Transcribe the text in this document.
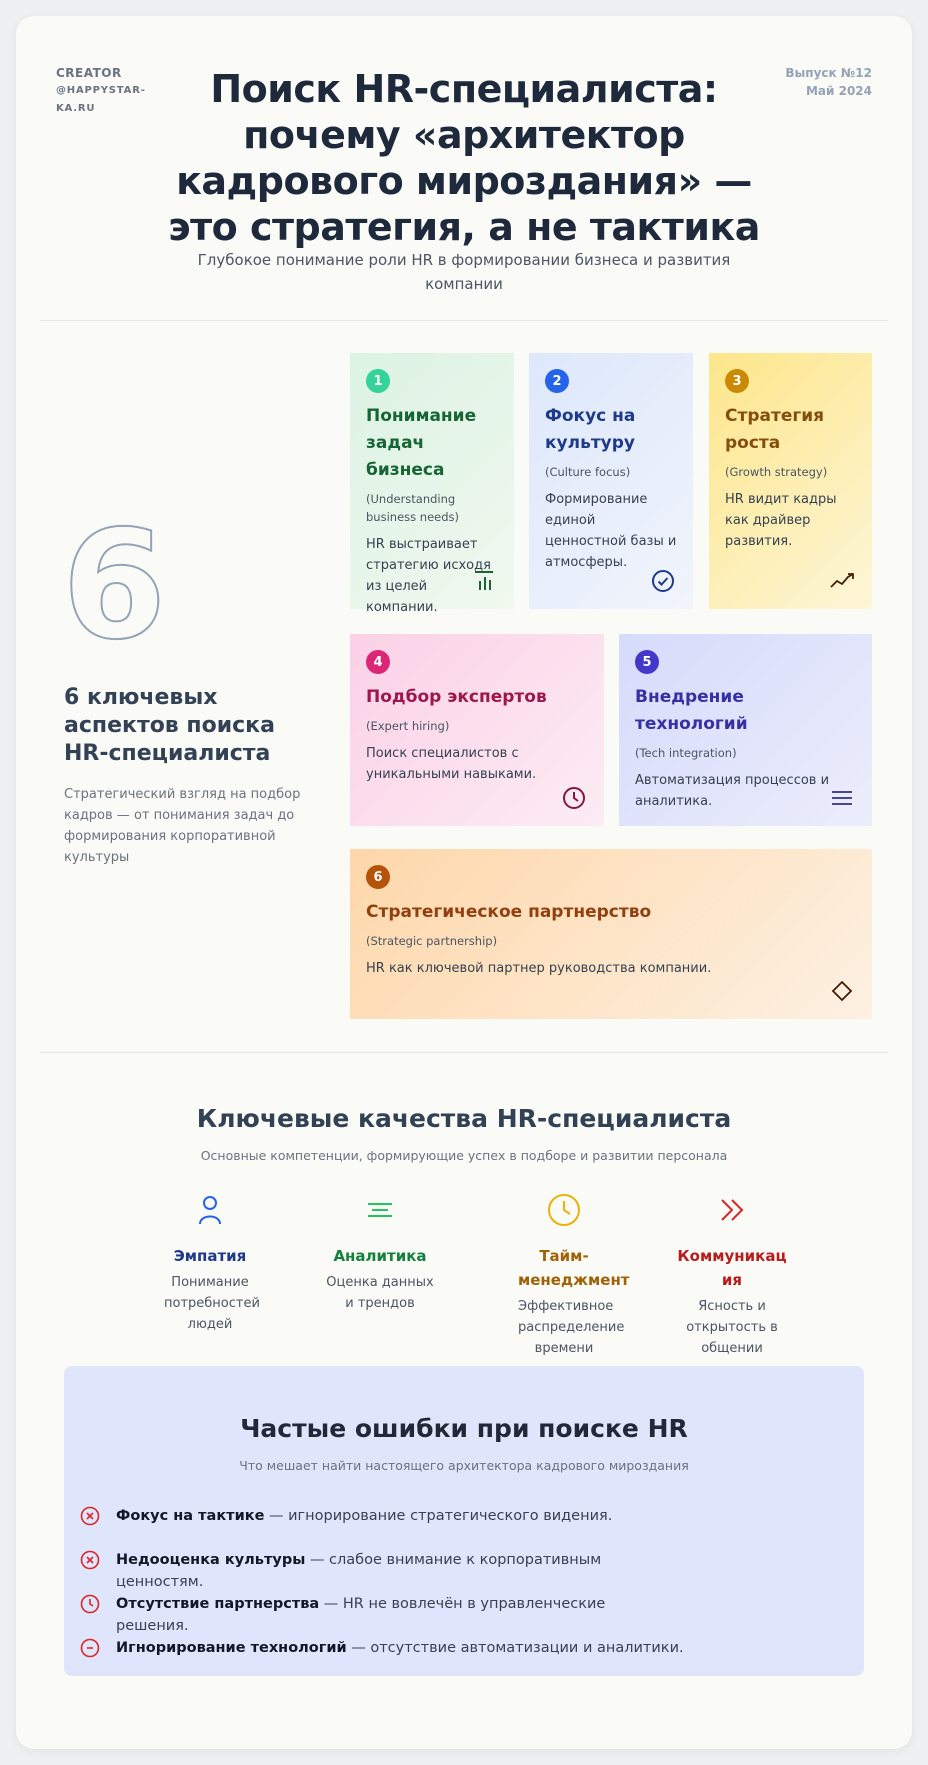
CREATOR
@HAPPYSTAR-KA.RU
Выпуск №12
Май 2024
Поиск HR-специалиста: почему «архитектор кадрового мироздания» — это стратегия, а не тактика
Глубокое понимание роли HR в формировании бизнеса и развития компании
6
6 ключевых аспектов поиска HR-специалиста
Стратегический взгляд на подбор кадров — от понимания задач до формирования корпоративной культуры
1
Понимание задач бизнеса
(Understanding business needs)
HR выстраивает стратегию исходя из целей компании.
2
Фокус на культуру
(Culture focus)
Формирование единой ценностной базы и атмосферы.
3
Стратегия роста
(Growth strategy)
HR видит кадры как драйвер развития.
4
Подбор экспертов
(Expert hiring)
Поиск специалистов с уникальными навыками.
5
Внедрение технологий
(Tech integration)
Автоматизация процессов и аналитика.
6
Стратегическое партнерство
(Strategic partnership)
HR как ключевой партнер руководства компании.
Ключевые качества HR-специалиста
Основные компетенции, формирующие успех в подборе и развитии персонала
Эмпатия
Понимание потребностей людей
Аналитика
Оценка данных и трендов
Тайм-менеджмент
Эффективное распределение времени
Коммуникация
Ясность и открытость в общении
Частые ошибки при поиске HR
Что мешает найти настоящего архитектора кадрового мироздания
Фокус на тактике — игнорирование стратегического видения.
Недооценка культуры — слабое внимание к корпоративным ценностям.
Отсутствие партнерства — HR не вовлечён в управленческие решения.
Игнорирование технологий — отсутствие автоматизации и аналитики.
